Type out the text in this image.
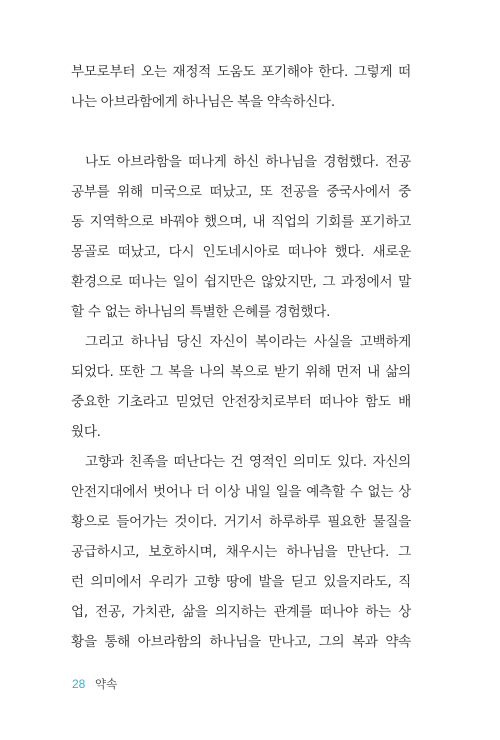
부모로부터 오는 재정적 도움도 포기해야 한다. 그렇게 떠
나는 아브라함에게 하나님은 복을 약속하신다.
나도 아브라함을 떠나게 하신 하나님을 경험했다. 전공
공부를 위해 미국으로 떠났고, 또 전공을 중국사에서 중
동 지역학으로 바꿔야 했으며, 내 직업의 기회를 포기하고
몽골로 떠났고, 다시 인도네시아로 떠나야 했다. 새로운
환경으로 떠나는 일이 쉽지만은 않았지만, 그 과정에서 말
할 수 없는 하나님의 특별한 은혜를 경험했다.
그리고 하나님 당신 자신이 복이라는 사실을 고백하게
되었다. 또한 그 복을 나의 복으로 받기 위해 먼저 내 삶의
중요한 기초라고 믿었던 안전장치로부터 떠나야 함도 배
웠다.
고향과 친족을 떠난다는 건 영적인 의미도 있다. 자신의
안전지대에서 벗어나 더 이상 내일 일을 예측할 수 없는 상
황으로 들어가는 것이다. 거기서 하루하루 필요한 물질을
공급하시고, 보호하시며, 채우시는 하나님을 만난다. 그
런 의미에서 우리가 고향 땅에 발을 딛고 있을지라도, 직
업, 전공, 가치관, 삶을 의지하는 관계를 떠나야 하는 상
황을 통해 아브라함의 하나님을 만나고, 그의 복과 약속
28 약속
